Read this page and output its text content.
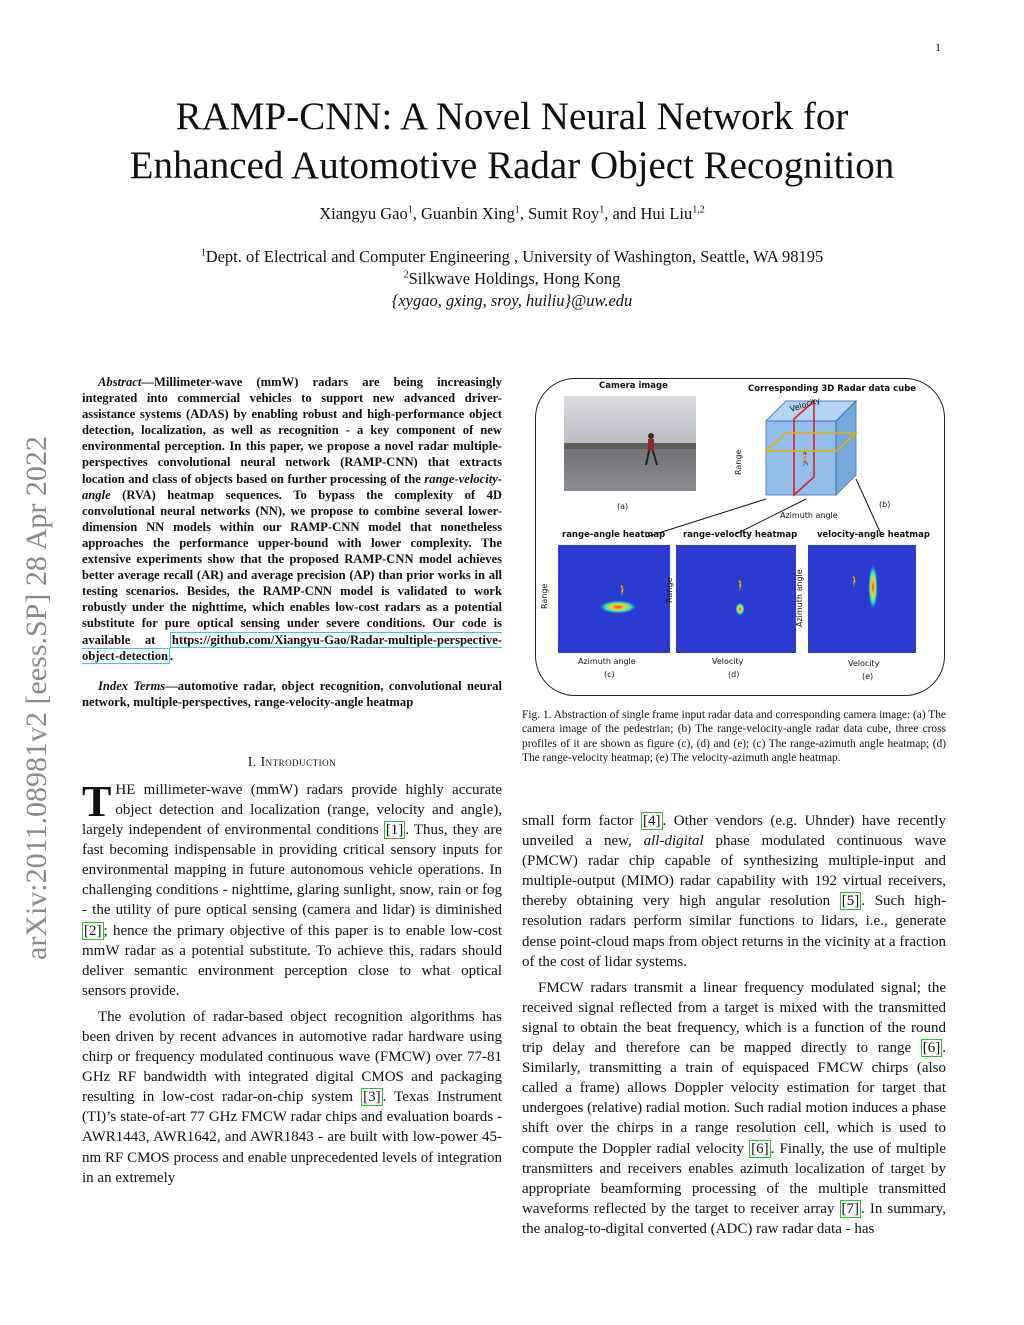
1
RAMP-CNN: A Novel Neural Network for
Enhanced Automotive Radar Object Recognition
Xiangyu Gao$^1$, Guanbin Xing$^1$, Sumit Roy$^1$, and Hui Liu$^{1,2}$
$^1$Dept. of Electrical and Computer Engineering , University of Washington, Seattle, WA 98195
$^2$Silkwave Holdings, Hong Kong
{xygao, gxing, sroy, huiliu}@uw.edu
arXiv:2011.08981v2 [eess.SP] 28 Apr 2022

Abstract—Millimeter-wave (mmW) radars are being increasingly integrated into commercial vehicles to support new advanced driver-assistance systems (ADAS) by enabling robust and high-performance object detection, localization, as well as recognition - a key component of new environmental perception. In this paper, we propose a novel radar multiple-perspectives convolutional neural network (RAMP-CNN) that extracts location and class of objects based on further processing of the range-velocity-angle (RVA) heatmap sequences. To bypass the complexity of 4D convolutional neural networks (NN), we propose to combine several lower-dimension NN models within our RAMP-CNN model that nonetheless approaches the performance upper-bound with lower complexity. The extensive experiments show that the proposed RAMP-CNN model achieves better average recall (AR) and average precision (AP) than prior works in all testing scenarios. Besides, the RAMP-CNN model is validated to work robustly under the nighttime, which enables low-cost radars as a potential substitute for pure optical sensing under severe conditions. Our code is available at https://github.com/Xiangyu-Gao/Radar-multiple-perspective-object-detection .

Index Terms—automotive radar, object recognition, convolutional neural network, multiple-perspectives, range-velocity-angle heatmap

I. Introduction

THE millimeter-wave (mmW) radars provide highly accurate object detection and localization (range, velocity and angle), largely independent of environmental conditions [1] . Thus, they are fast becoming indispensable in providing critical sensory inputs for environmental mapping in future autonomous vehicle operations. In challenging conditions - nighttime, glaring sunlight, snow, rain or fog - the utility of pure optical sensing (camera and lidar) is diminished [2] ; hence the primary objective of this paper is to enable low-cost mmW radar as a potential substitute. To achieve this, radars should deliver semantic environment perception close to what optical sensors provide.

The evolution of radar-based object recognition algorithms has been driven by recent advances in automotive radar hardware using chirp or frequency modulated continuous wave (FMCW) over 77-81 GHz RF bandwidth with integrated digital CMOS and packaging resulting in low-cost radar-on-chip system [3] . Texas Instrument (TI)’s state-of-art 77 GHz FMCW radar chips and evaluation boards - AWR1443, AWR1642, and AWR1843 - are built with low-power 45-nm RF CMOS process and enable unprecedented levels of integration in an extremely

Camera image	Corresponding 3D Radar data cube
(a)
🚶
Velocity
Range
Azimuth angle
(b)
range-angle heatmap range-velocity heatmap velocity-angle heatmap
🚶
Range
Azimuth angle
(c)
🚶
Range
Velocity
(d)
🚶
Azimuth angle
Velocity
(e)

Fig. 1. Abstraction of single frame input radar data and corresponding camera image: (a) The camera image of the pedestrian; (b) The range-velocity-angle radar data cube, three cross profiles of it are shown as figure (c), (d) and (e); (c) The range-azimuth angle heatmap; (d) The range-velocity heatmap; (e) The velocity-azimuth angle heatmap.

small form factor [4] . Other vendors (e.g. Uhnder) have recently unveiled a new, all-digital phase modulated continuous wave (PMCW) radar chip capable of synthesizing multiple-input and multiple-output (MIMO) radar capability with 192 virtual receivers, thereby obtaining very high angular resolution [5] . Such high-resolution radars perform similar functions to lidars, i.e., generate dense point-cloud maps from object returns in the vicinity at a fraction of the cost of lidar systems.

FMCW radars transmit a linear frequency modulated signal; the received signal reflected from a target is mixed with the transmitted signal to obtain the beat frequency, which is a function of the round trip delay and therefore can be mapped directly to range [6] . Similarly, transmitting a train of equispaced FMCW chirps (also called a frame) allows Doppler velocity estimation for target that undergoes (relative) radial motion. Such radial motion induces a phase shift over the chirps in a range resolution cell, which is used to compute the Doppler radial velocity [6] . Finally, the use of multiple transmitters and receivers enables azimuth localization of target by appropriate beamforming processing of the multiple transmitted waveforms reflected by the target to receiver array [7] . In summary, the analog-to-digital converted (ADC) raw radar data - has
